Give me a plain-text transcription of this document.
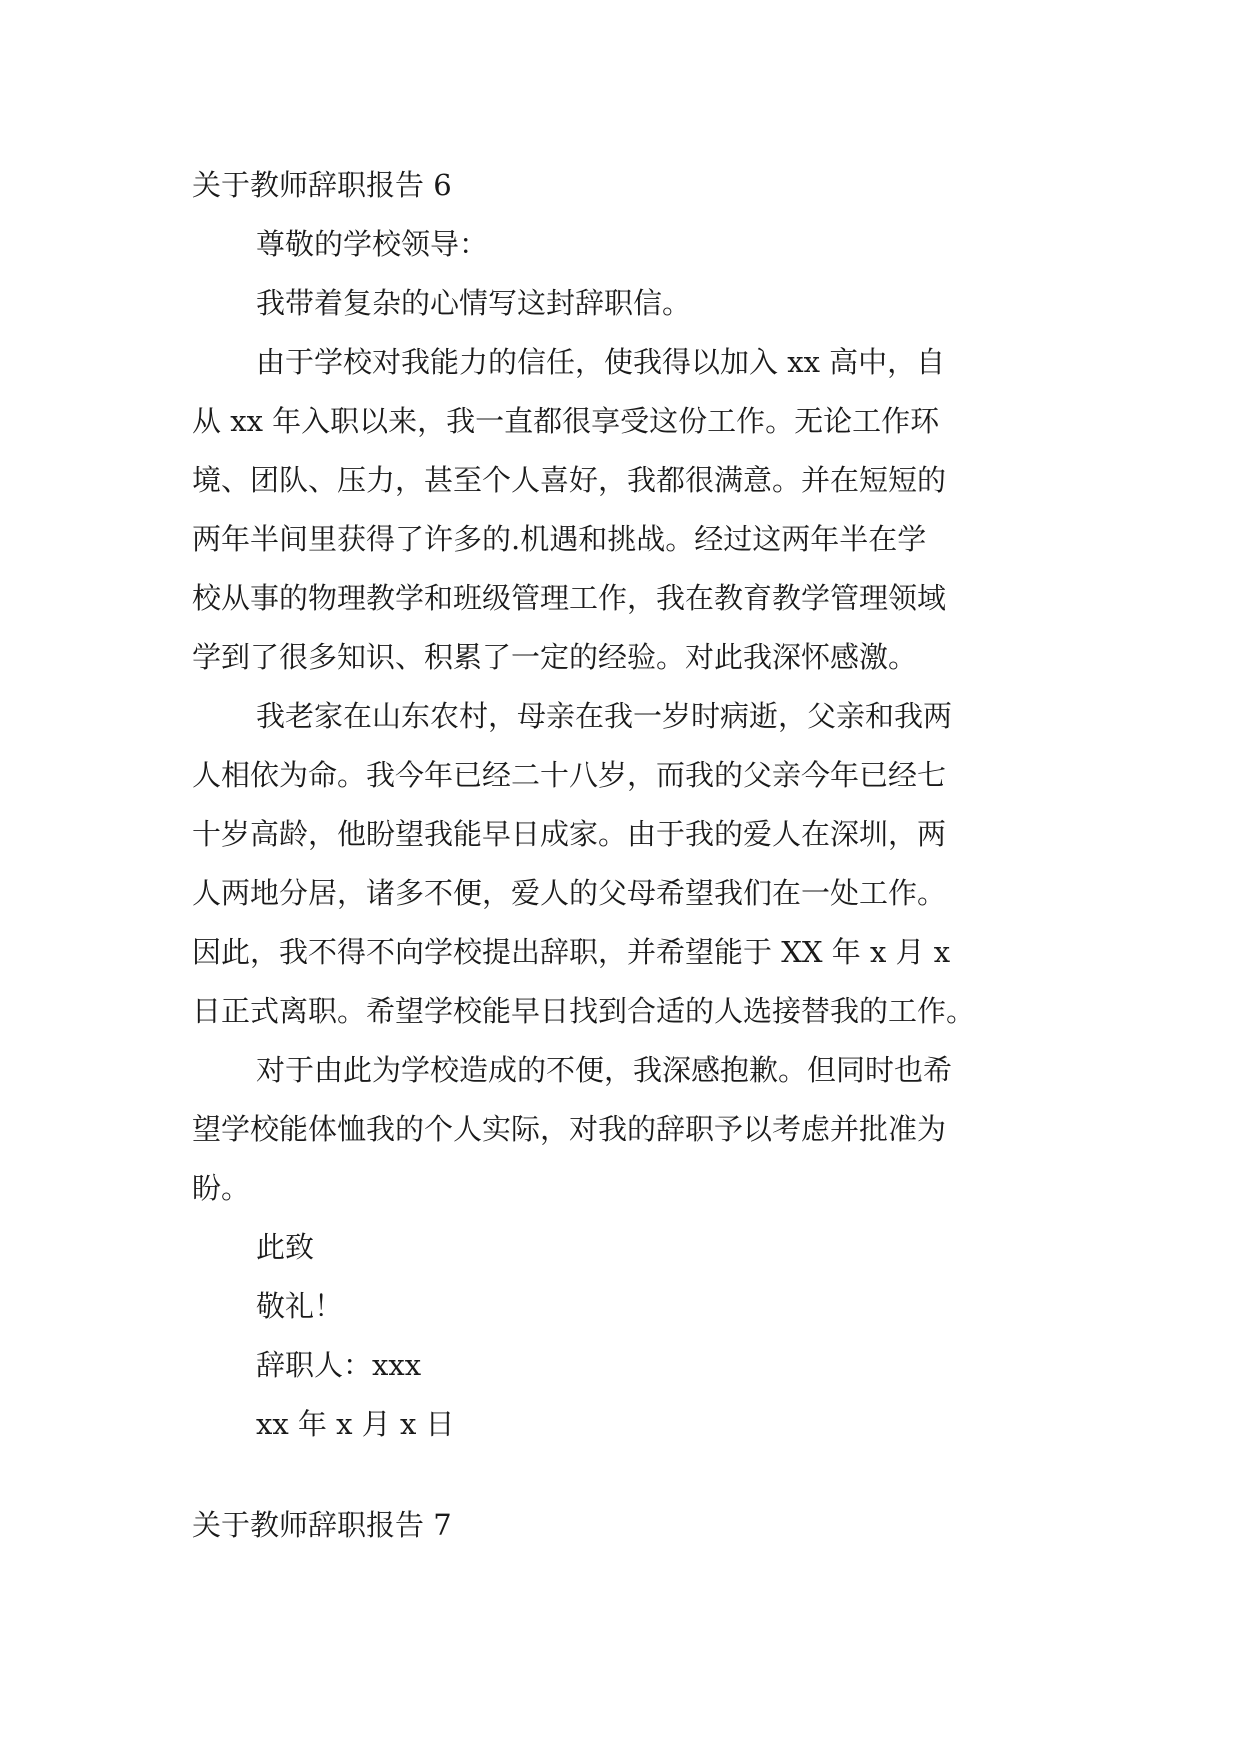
关于教师辞职报告 6

尊敬的学校领导：

我带着复杂的心情写这封辞职信。

由于学校对我能力的信任，使我得以加入 xx 高中，自

从 xx 年入职以来，我一直都很享受这份工作。无论工作环

境、团队、压力，甚至个人喜好，我都很满意。并在短短的

两年半间里获得了许多的.机遇和挑战。经过这两年半在学

校从事的物理教学和班级管理工作，我在教育教学管理领域

学到了很多知识、积累了一定的经验。对此我深怀感激。

我老家在山东农村，母亲在我一岁时病逝，父亲和我两

人相依为命。我今年已经二十八岁，而我的父亲今年已经七

十岁高龄，他盼望我能早日成家。由于我的爱人在深圳，两

人两地分居，诸多不便，爱人的父母希望我们在一处工作。

因此，我不得不向学校提出辞职，并希望能于 XX 年 x 月 x

日正式离职。希望学校能早日找到合适的人选接替我的工作。

对于由此为学校造成的不便，我深感抱歉。但同时也希

望学校能体恤我的个人实际，对我的辞职予以考虑并批准为

盼。

此致

敬礼！

辞职人：xxx

xx 年 x 月 x 日

关于教师辞职报告 7
